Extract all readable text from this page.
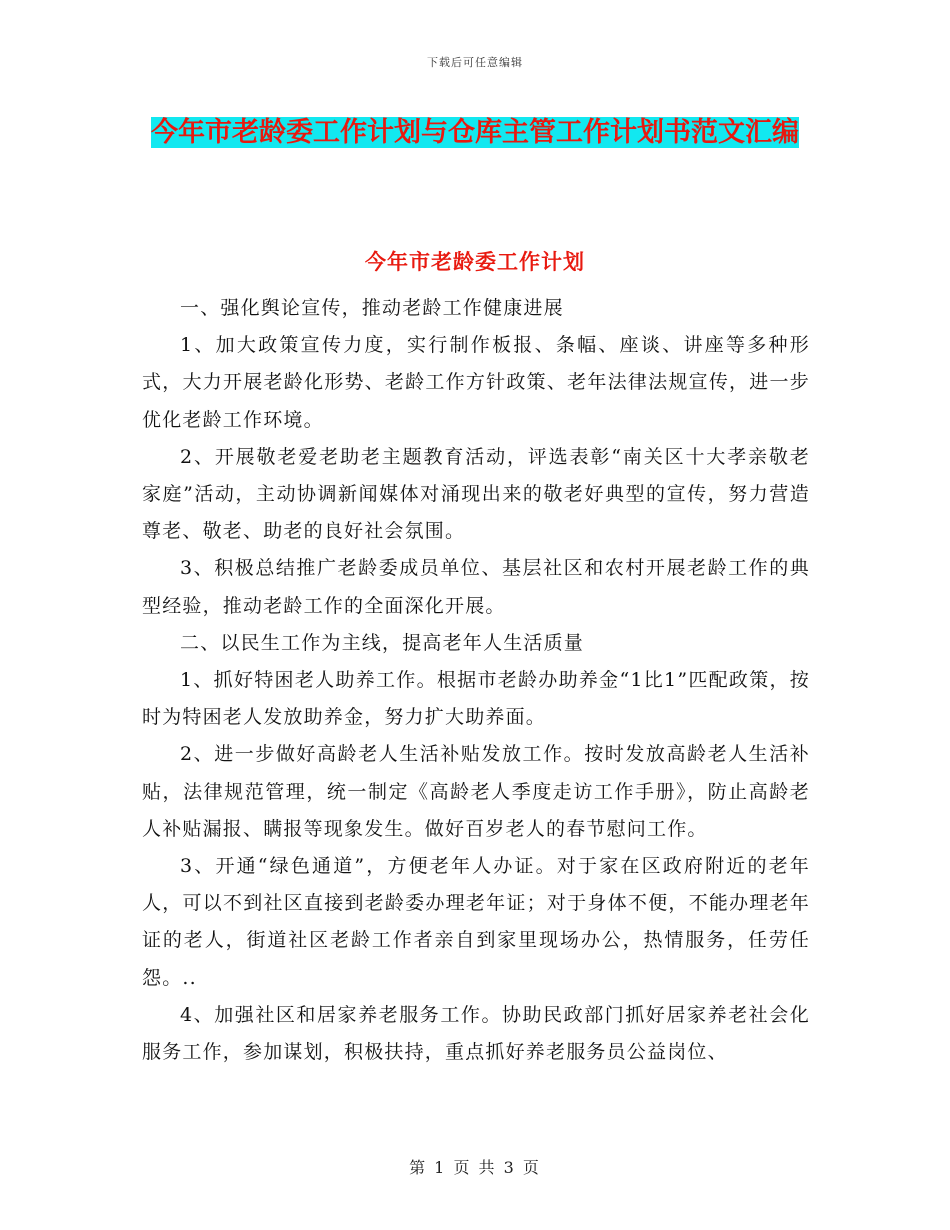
下载后可任意编辑
今年市老龄委工作计划与仓库主管工作计划书范文汇编
今年市老龄委工作计划

一、强化舆论宣传，推动老龄工作健康进展

1、加大政策宣传力度，实行制作板报、条幅、座谈、讲座等多种形式，大力开展老龄化形势、老龄工作方针政策、老年法律法规宣传，进一步优化老龄工作环境。

2、开展敬老爱老助老主题教育活动，评选表彰“南关区十大孝亲敬老家庭”活动，主动协调新闻媒体对涌现出来的敬老好典型的宣传，努力营造尊老、敬老、助老的良好社会氛围。

3、积极总结推广老龄委成员单位、基层社区和农村开展老龄工作的典型经验，推动老龄工作的全面深化开展。

二、以民生工作为主线，提高老年人生活质量

1、抓好特困老人助养工作。根据市老龄办助养金“1比1”匹配政策，按时为特困老人发放助养金，努力扩大助养面。

2、进一步做好高龄老人生活补贴发放工作。按时发放高龄老人生活补贴，法律规范管理，统一制定《高龄老人季度走访工作手册》，防止高龄老人补贴漏报、瞒报等现象发生。做好百岁老人的春节慰问工作。

3、开通“绿色通道”，方便老年人办证。对于家在区政府附近的老年人，可以不到社区直接到老龄委办理老年证；对于身体不便，不能办理老年证的老人，街道社区老龄工作者亲自到家里现场办公，热情服务，任劳任怨。..

4、加强社区和居家养老服务工作。协助民政部门抓好居家养老社会化服务工作，参加谋划，积极扶持，重点抓好养老服务员公益岗位、

第 1 页 共 3 页
